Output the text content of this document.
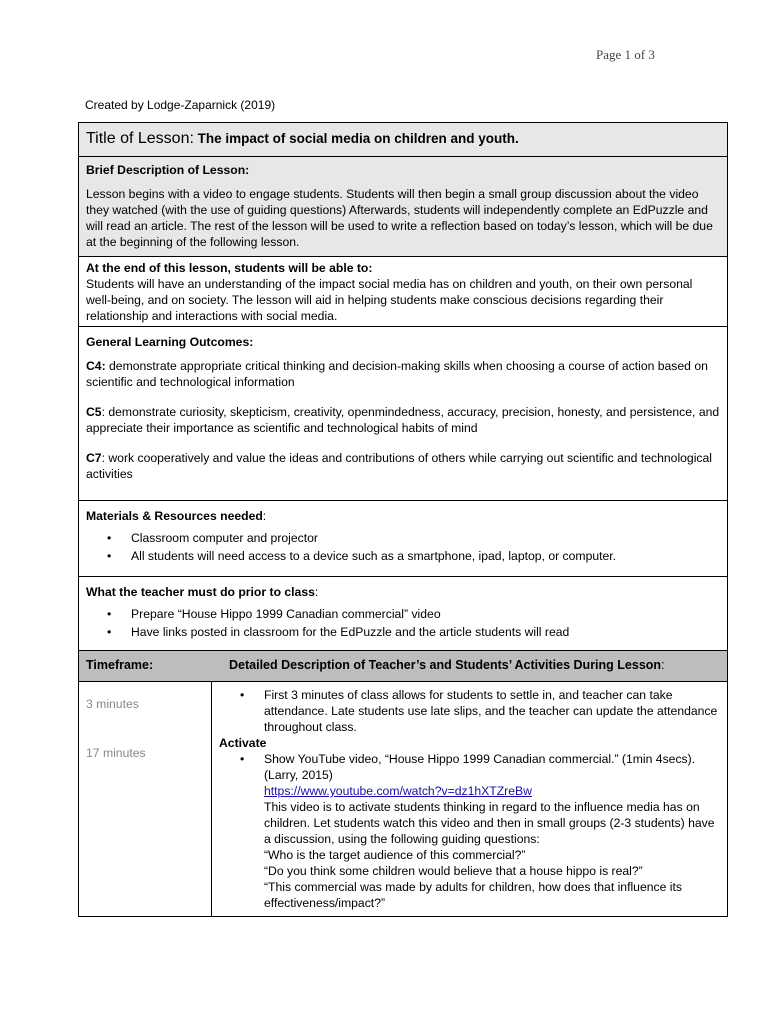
Page 1 of 3
Created by Lodge-Zaparnick (2019)
Title of Lesson: The impact of social media on children and youth.

Brief Description of Lesson:

Lesson begins with a video to engage students. Students will then begin a small group discussion about the video they watched (with the use of guiding questions) Afterwards, students will independently complete an EdPuzzle and will read an article. The rest of the lesson will be used to write a reflection based on today’s lesson, which will be due at the beginning of the following lesson.

At the end of this lesson, students will be able to:

Students will have an understanding of the impact social media has on children and youth, on their own personal well-being, and on society. The lesson will aid in helping students make conscious decisions regarding their relationship and interactions with social media.

General Learning Outcomes:

C4: demonstrate appropriate critical thinking and decision-making skills when choosing a course of action based on scientific and technological information

C5: demonstrate curiosity, skepticism, creativity, openmindedness, accuracy, precision, honesty, and persistence, and appreciate their importance as scientific and technological habits of mind

C7: work cooperatively and value the ideas and contributions of others while carrying out scientific and technological activities

Materials & Resources needed:

• Classroom computer and projector
• All students will need access to a device such as a smartphone, ipad, laptop, or computer.

What the teacher must do prior to class:

• Prepare “House Hippo 1999 Canadian commercial” video
• Have links posted in classroom for the EdPuzzle and the article students will read
Timeframe:	Detailed Description of Teacher’s and Students’ Activities During Lesson:
3 minutes
17 minutes
• First 3 minutes of class allows for students to settle in, and teacher can take attendance. Late students use late slips, and the teacher can update the attendance throughout class.

Activate

• Show YouTube video, “House Hippo 1999 Canadian commercial.” (1min 4secs). (Larry, 2015)
https://www.youtube.com/watch?v=dz1hXTZreBw
This video is to activate students thinking in regard to the influence media has on children. Let students watch this video and then in small groups (2-3 students) have a discussion, using the following guiding questions:
“Who is the target audience of this commercial?”
“Do you think some children would believe that a house hippo is real?”
“This commercial was made by adults for children, how does that influence its effectiveness/impact?”
